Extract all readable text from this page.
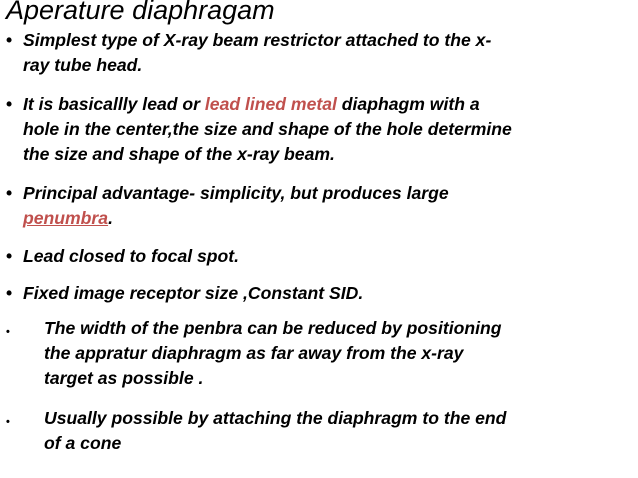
Aperature diaphragam
• Simplest type of X-ray beam restrictor attached to the x-
ray tube head.
• It is basicallly lead or lead lined metal diaphagm with a
hole in the center,the size and shape of the hole determine
the size and shape of the x-ray beam.
• Principal advantage- simplicity, but produces large
penumbra.
• Lead closed to focal spot.
• Fixed image receptor size ,Constant SID.
• The width of the penbra can be reduced by positioning
the appratur diaphragm as far away from the x-ray
target as possible .
• Usually possible by attaching the diaphragm to the end
of a cone
